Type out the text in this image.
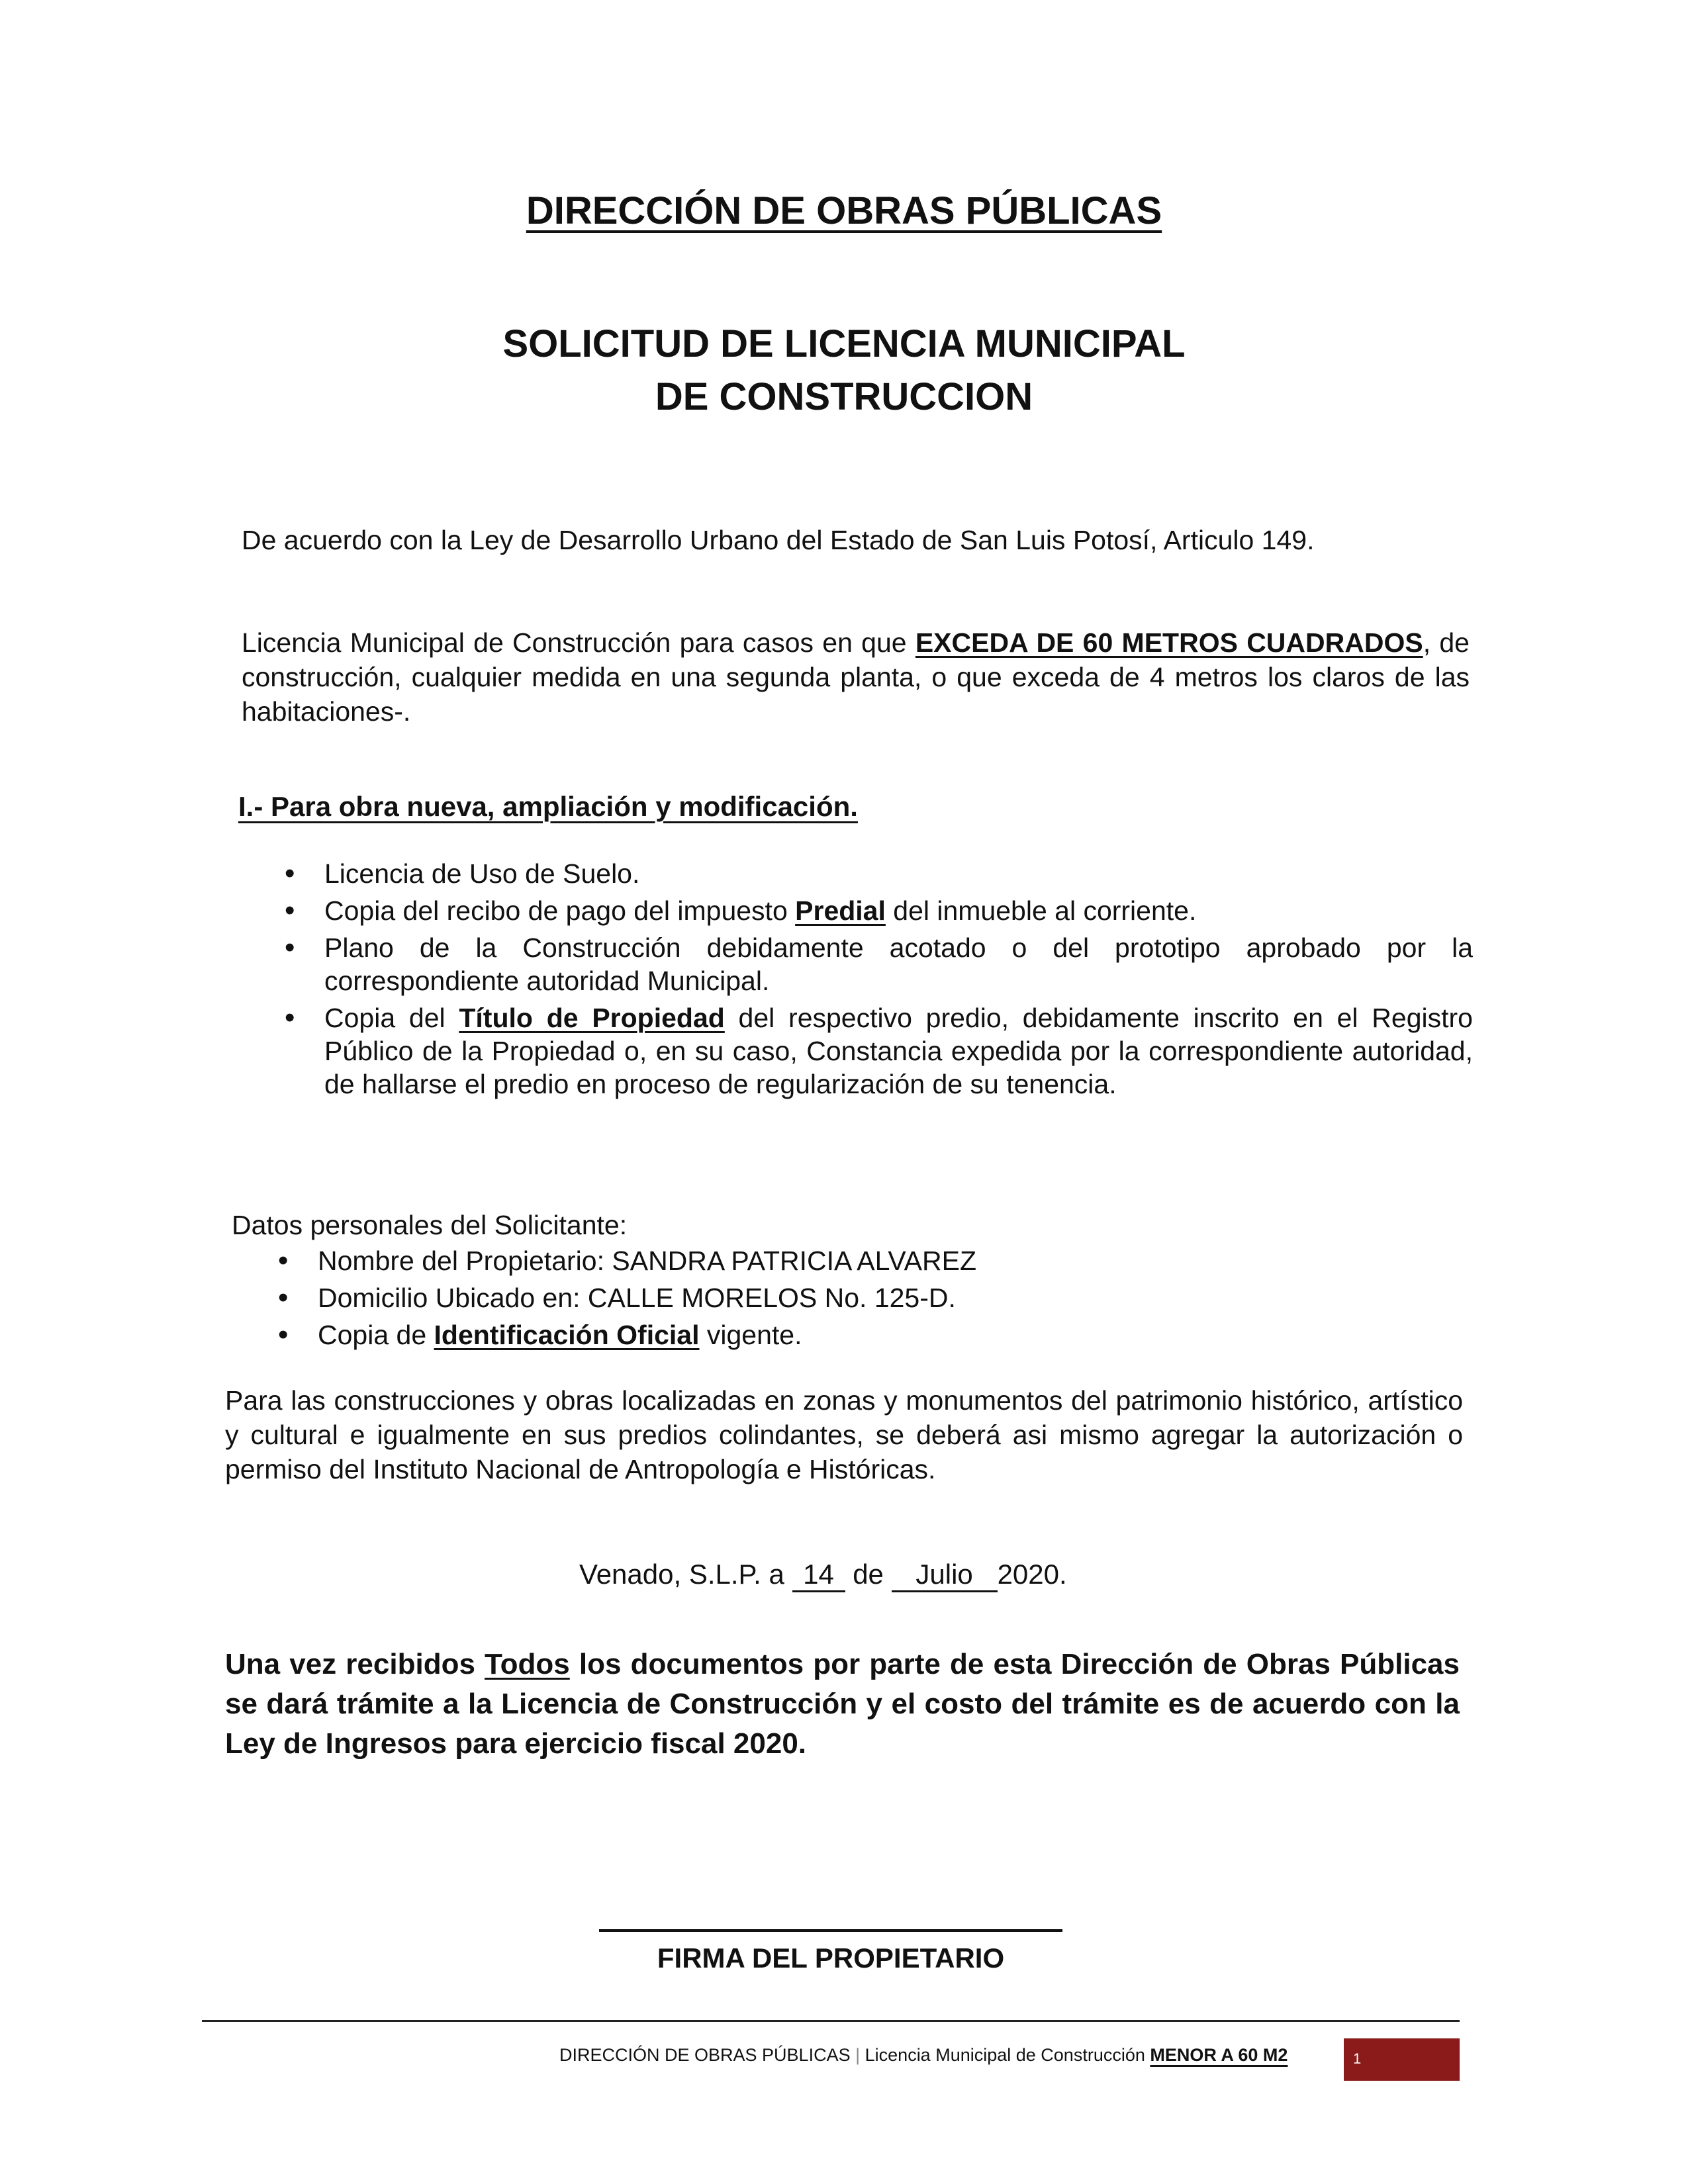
DIRECCIÓN DE OBRAS PÚBLICAS
SOLICITUD DE LICENCIA MUNICIPAL
DE CONSTRUCCION
De acuerdo con la Ley de Desarrollo Urbano del Estado de San Luis Potosí, Articulo 149.
Licencia Municipal de Construcción para casos en que EXCEDA DE 60 METROS CUADRADOS, de construcción, cualquier medida en una segunda planta, o que exceda de 4 metros los claros de las habitaciones-.
I.- Para obra nueva, ampliación y modificación.
• Licencia de Uso de Suelo.
• Copia del recibo de pago del impuesto Predial del inmueble al corriente.
• Plano de la Construcción debidamente acotado o del prototipo aprobado por la correspondiente autoridad Municipal.
• Copia del Título de Propiedad del respectivo predio, debidamente inscrito en el Registro Público de la Propiedad o, en su caso, Constancia expedida por la correspondiente autoridad, de hallarse el predio en proceso de regularización de su tenencia.
Datos personales del Solicitante:
• Nombre del Propietario: SANDRA PATRICIA ALVAREZ
• Domicilio Ubicado en: CALLE MORELOS No. 125-D.
• Copia de Identificación Oficial vigente.
Para las construcciones y obras localizadas en zonas y monumentos del patrimonio histórico, artístico y cultural e igualmente en sus predios colindantes, se deberá asi mismo agregar la autorización o permiso del Instituto Nacional de Antropología e Históricas.
Venado, S.L.P. a 14 de Julio 2020.
Una vez recibidos Todos los documentos por parte de esta Dirección de Obras Públicas se dará trámite a la Licencia de Construcción y el costo del trámite es de acuerdo con la Ley de Ingresos para ejercicio fiscal 2020.
FIRMA DEL PROPIETARIO
DIRECCIÓN DE OBRAS PÚBLICAS | Licencia Municipal de Construcción MENOR A 60 M2	1
